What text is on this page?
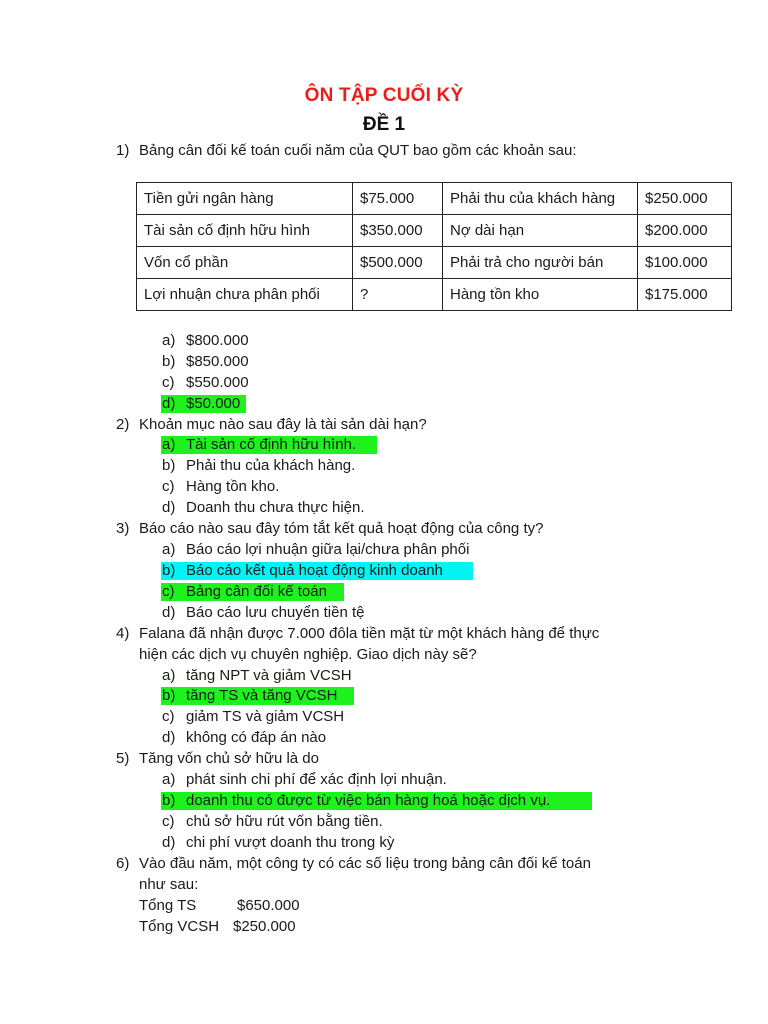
ÔN TẬP CUỐI KỲ
ĐỀ 1
1) Bảng cân đối kế toán cuối năm của QUT bao gồm các khoản sau:
Tiền gửi ngân hàng	$75.000	Phải thu của khách hàng	$250.000
Tài sản cố định hữu hình	$350.000	Nợ dài hạn	$200.000
Vốn cổ phần	$500.000	Phải trả cho người bán	$100.000
Lợi nhuận chưa phân phối	?	Hàng tồn kho	$175.000
a) $800.000
b) $850.000
c) $550.000
d) $50.000
2) Khoản mục nào sau đây là tài sản dài hạn?
a) Tài sản cố định hữu hình.
b) Phải thu của khách hàng.
c) Hàng tồn kho.
d) Doanh thu chưa thực hiện.
3) Báo cáo nào sau đây tóm tắt kết quả hoạt động của công ty?
a) Báo cáo lợi nhuận giữa lại/chưa phân phối
b) Báo cáo kết quả hoạt động kinh doanh
c) Bảng cân đối kế toán
d) Báo cáo lưu chuyển tiền tệ
4) Falana đã nhận được 7.000 đôla tiền mặt từ một khách hàng để thực
hiện các dịch vụ chuyên nghiệp. Giao dịch này sẽ?
a) tăng NPT và giảm VCSH
b) tăng TS và tăng VCSH
c) giảm TS và giảm VCSH
d) không có đáp án nào
5) Tăng vốn chủ sở hữu là do
a) phát sinh chi phí để xác định lợi nhuận.
b) doanh thu có được từ việc bán hàng hoá hoặc dịch vụ.
c) chủ sở hữu rút vốn bằng tiền.
d) chi phí vượt doanh thu trong kỳ
6) Vào đầu năm, một công ty có các số liệu trong bảng cân đối kế toán
như sau:
Tổng TS	$650.000
Tổng VCSH $250.000
